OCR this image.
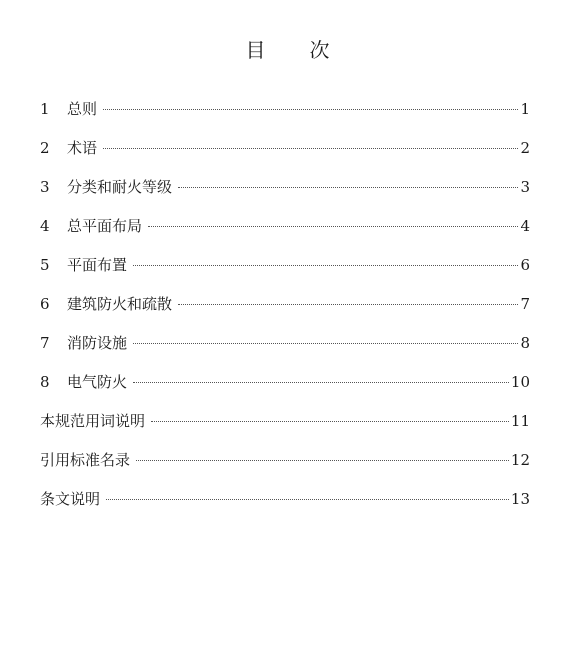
目 次
1	总则	1
2	术语	2
3	分类和耐火等级	3
4	总平面布局	4
5	平面布置	6
6	建筑防火和疏散	7
7	消防设施	8
8	电气防火	10
本规范用词说明	11
引用标准名录	12
条文说明	13
